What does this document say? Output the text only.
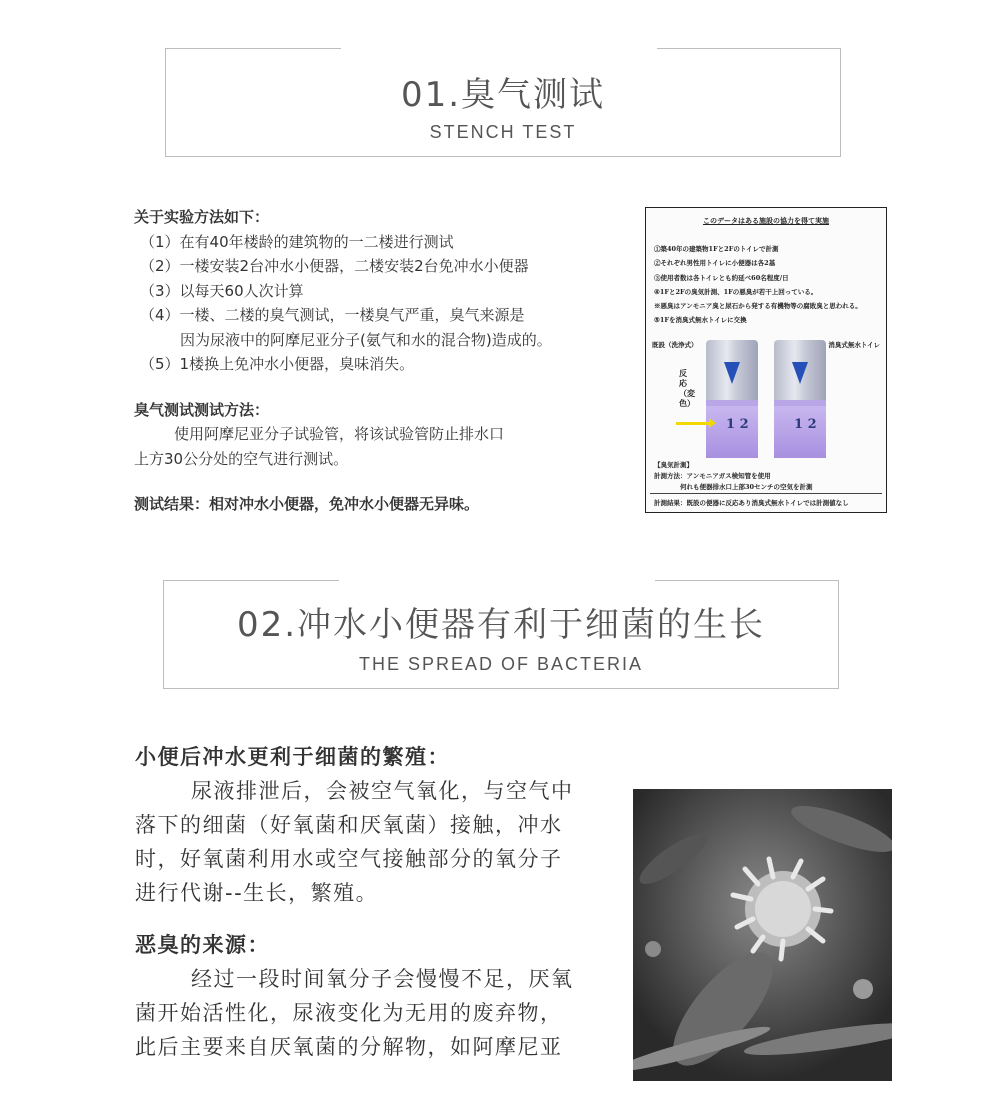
01.臭气测试
STENCH TEST
关于实验方法如下：
（1）在有40年楼龄的建筑物的一二楼进行测试
（2）一楼安装2台冲水小便器，二楼安装2台免冲水小便器
（3）以每天60人次计算
（4）一楼、二楼的臭气测试，一楼臭气严重，臭气来源是
因为尿液中的阿摩尼亚分子(氨气和水的混合物)造成的。
（5）1楼换上免冲水小便器，臭味消失。
臭气测试测试方法：
使用阿摩尼亚分子试验管，将该试验管防止排水口
上方30公分处的空气进行测试。
测试结果：相对冲水小便器，免冲水小便器无异味。
このデータはある施設の協力を得て実施
①築40年の建築物1Fと2Fのトイレで計測
②それぞれ男性用トイレに小便器は各2基
③使用者数は各トイレとも約延べ60名程度/日
④1Fと2Fの臭気計測、1Fの悪臭が若干上回っている。
※悪臭はアンモニア臭と尿石から発する有機物等の腐敗臭と思われる。
⑤1Fを消臭式無水トイレに交換
既設（洗浄式）	消臭式無水トイレ
反応（変色）
1 2	1 2
【臭気計測】
計測方法：アンモニアガス検知管を使用
何れも便器排水口上部30センチの空気を計測
計測結果：既設の便器に反応あり消臭式無水トイレでは計測値なし
02.冲水小便器有利于细菌的生长
THE SPREAD OF BACTERIA
小便后冲水更利于细菌的繁殖：
尿液排泄后，会被空气氧化，与空气中
落下的细菌（好氧菌和厌氧菌）接触，冲水
时，好氧菌利用水或空气接触部分的氧分子
进行代谢--生长，繁殖。
恶臭的来源：
经过一段时间氧分子会慢慢不足，厌氧
菌开始活性化，尿液变化为无用的废弃物，
此后主要来自厌氧菌的分解物，如阿摩尼亚
